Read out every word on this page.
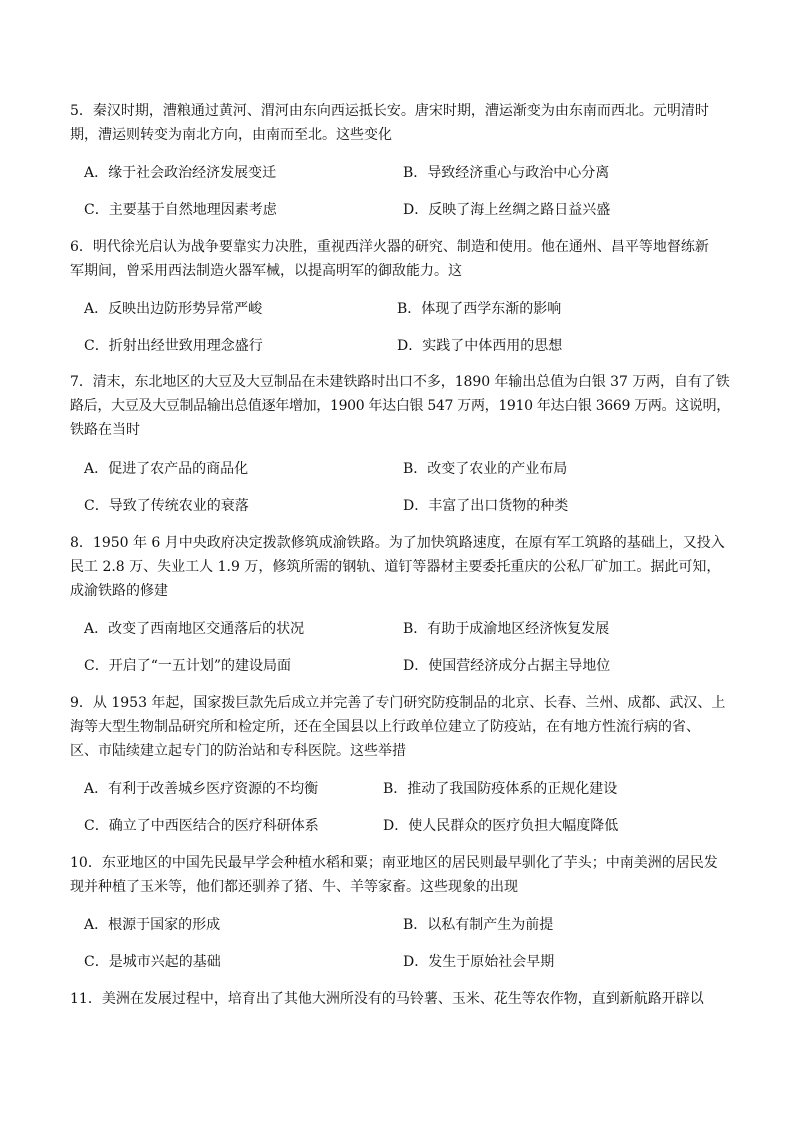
5．秦汉时期，漕粮通过黄河、渭河由东向西运抵长安。唐宋时期，漕运渐变为由东南而西北。元明清时
期，漕运则转变为南北方向，由南而至北。这些变化
A．缘于社会政治经济发展变迁	B．导致经济重心与政治中心分离
C．主要基于自然地理因素考虑	D．反映了海上丝绸之路日益兴盛
6．明代徐光启认为战争要靠实力决胜，重视西洋火器的研究、制造和使用。他在通州、昌平等地督练新
军期间，曾采用西法制造火器军械，以提高明军的御敌能力。这
A．反映出边防形势异常严峻	B．体现了西学东渐的影响
C．折射出经世致用理念盛行	D．实践了中体西用的思想
7．清末，东北地区的大豆及大豆制品在未建铁路时出口不多，1890 年输出总值为白银 37 万两，自有了铁
路后，大豆及大豆制品输出总值逐年增加，1900 年达白银 547 万两，1910 年达白银 3669 万两。这说明，
铁路在当时
A．促进了农产品的商品化	B．改变了农业的产业布局
C．导致了传统农业的衰落	D．丰富了出口货物的种类
8．1950 年 6 月中央政府决定拨款修筑成渝铁路。为了加快筑路速度，在原有军工筑路的基础上，又投入
民工 2.8 万、失业工人 1.9 万，修筑所需的钢轨、道钉等器材主要委托重庆的公私厂矿加工。据此可知，
成渝铁路的修建
A．改变了西南地区交通落后的状况	B．有助于成渝地区经济恢复发展
C．开启了“一五计划”的建设局面	D．使国营经济成分占据主导地位
9．从 1953 年起，国家拨巨款先后成立并完善了专门研究防疫制品的北京、长春、兰州、成都、武汉、上
海等大型生物制品研究所和检定所，还在全国县以上行政单位建立了防疫站，在有地方性流行病的省、
区、市陆续建立起专门的防治站和专科医院。这些举措
A．有利于改善城乡医疗资源的不均衡	B．推动了我国防疫体系的正规化建设
C．确立了中西医结合的医疗科研体系	D．使人民群众的医疗负担大幅度降低
10．东亚地区的中国先民最早学会种植水稻和粟；南亚地区的居民则最早驯化了芋头；中南美洲的居民发
现并种植了玉米等，他们都还驯养了猪、牛、羊等家畜。这些现象的出现
A．根源于国家的形成	B．以私有制产生为前提
C．是城市兴起的基础	D．发生于原始社会早期
11．美洲在发展过程中，培育出了其他大洲所没有的马铃薯、玉米、花生等农作物，直到新航路开辟以
